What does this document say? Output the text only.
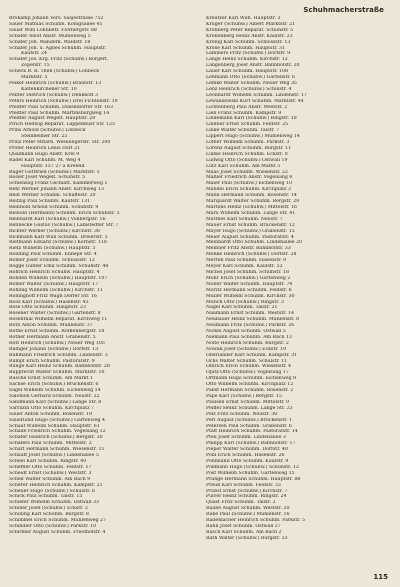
Schuhmacherstraße
Brökamp Johann Vers. Säsjestrasse 752
Sauer Mathias Schuhm. Königsallee 41
Sauer Willi Lohnbetr. Florbergstr. 88
Schäfer Adolf Anstr. Mühlenweg 5
Schäfer Joh. Wanderk. Waldstr. 18
Schäfer Joh. u. Agnes Schuhm. Hauptstr.
Kaufstr. 24
Schäfer Jos. Krg. Fritz (Schuhw.) Borgerf.
Zopefstr. 15
Scheck B. R. Then (Schuhw.) Lobbeck
Marktstr. 5
Peiker Heinrich (Schuhw.) Brautstr. 13
Kaltenkirchener Str. 10
Penter Dietrich (Schuhw.) Denkhoff 3
Peters Heinrich (Schuhw.) Drei Fichtenstr. 19
Pfeiffer Paul Schuhm. Düsseldorfer Str. 163
Pfeiffer Paul Schuhm. Martinsburgweg 14
Pfeiffer August Wegelt. Hauptstr. 29
Pirich Hedwig Reparat. Lappenbusr Str. 125
Prins Arnold (Schuhw.) Lobbeck
Steinheimer Str. 25
Prinz Peter Mitarb. Weselingerstr. Str. 200
Pröfer Heinrich Lenis Dorf 21
Qualmann Hugo Anstr. Krei 9
Rädel Karl Schuhm. M. Weg 4
Hauptstr. 157 27 a Krefeld
Rüger Gottfried (Schuhw.) Marktstr. 5
Rosier Josef Wegelt. Schuhstr. 5
Schlensog Franz Gschiatt. Kämmerweg 1
Rebl Werner Johann Anstr. Kirchweg 13
Reiß Werner Schuhm. Schaffestr. 20
Reitzig Paul Schuhm. Kaufstr. 131
Reinhold Arnold Schuhm. Schuhstr. 9
Reinold (Hermann) Schuhm. Erich Schuhstr. 5
Reinhardt Karl (Schuhw.) Vollbergstr. 16
Rennecke Gustav (Schuhw.) Lamstedter Str. 7
Richter Werner (Schuhw.) Kirchstr. 38
Rickmann Karl Willi Schuhm. Dreierstr. 5
Rietmann Eduard (Schuhw.) Kornstr. 118
Rietz Wilhelm (Schuhw.) Hauptstr. 5
Rödding Paul Schuhm. Ennepe Str. 4
Römer Josef Schuhm. Schlossstr. 12
Rogge Günter Emil Schuhm. Schuhstr. 48
Röhrich Heinrich Schuhw. Hauptstr. 4
Rohden Wilhelm (Schuhw.) Hauptstr. 107
Römer Walter (Schuhw.) Hauptstr. 17
Rohling Wilhelm (Schuhw.) Kirchstr. 11
Röllinghoff Fritz Wagn Dörfer Str. 16
Roos Karl (Schuhw.) Hasenstr. 43
Rose Otto Schuhm. Hauptstr. 23
Rösener Walter (Schuhw.) Gartenstr. 8
Rosenthal Wilhelm Reparat. Kirchweg 11
Roth Anton Schuhm. Mühlenstr. 37
Rothe Ernst Schuhm. Rothenbergstr. 18
Rother Hermann Anstr. Grabenstr. 5
Rott Heinrich (Schuhw.) Neuer Weg 105
Rüdiger Johann (Schuhw.) Dorfstr. 13
Ruhmann Friedrich Schuhm. Lindenstr. 3
Rumpf Erich Schuhm. Pastoratstr. 9
Runge Karl Heinz Schuhm. Bahnhofstr. 28
Rupprecht Walter Schuhm. Marktstr. 10
Rusche Ernst Schuhm. Am Markt 1
Sachse Erich (Schuhw.) Brückenstr. 6
Sagel Wilhelm Schuhm. Eichenweg 14
Salomon Gerhard Schuhm. Neustr. 22
Sandmann Karl (Schuhw.) Lange Str. 8
Sarrazin Otto Schuhm. Kirchplatz 7
Sauer Anton Schuhm. Rosenstr. 19
Sauerland Hugo (Schuhw.) Gartenweg 4
Schaaf Wilhelm Schuhm. Hauptstr. 61
Schade Friedrich Schuhm. Vogelsang 12
Schäfer Heinrich (Schuhw.) Bergstr. 30
Schäfers Paul Schuhm. Mittelstr. 2
Scharf Hermann Schuhm. Wiesenstr. 11
Schauff Josef (Schuhw.) Lindenallee 5
Scheel Karl Schuhm. Ringstr. 40
Scheffler Otto Schuhm. Feldstr. 17
Scheidt Ernst (Schuhw.) Weststr. 3
Schell Walter Schuhm. Am Bach 9
Scherer Heinrich Schuhm. Kampstr. 21
Scheuer Hugo (Schuhw.) Schulstr. 6
Schick Paul Schuhm. Talstr. 15
Schiefer Wilhelm Schuhm. Ostwall 33
Schiller Josef (Schuhw.) Eckstr. 2
Schilling Karl Schuhm. Burgstr. 8
Schimmel Erich Schuhm. Mühlenweg 27
Schindler Otto (Schuhw.) Parkstr. 10
Schirmer August Schuhm. Friedhofstr. 4
Kreutzer Karl Wilh. Hauptstr. 3
Krüger (Schuhw.) Albert Marktstr. 21
Kronberg Peter Reparat. Schuhstr. 5
Kronenberg Heinz Anstr. Kaufstr. 23
Krönig Karl Schuhm. Schlossstr. 13
Kruse Karl Schuhm. Hauptstr. 31
Lammers Fritz (Schuhw.) Dorfstr. 9
Lange Heinz Schuhm. Kirchstr. 12
Langenberg Josef Anstr. Bahnhofstr. 20
Lauer Karl Schuhm. Hauptstr. 108
Lehmann Otto (Schuhw.) Gartenstr. 6
Lemke Walter Schuhm. Neuer Weg 35
Lenz Heinrich (Schuhw.) Schulstr. 4
Leonhardt Wilhelm Schuhm. Lindenstr. 17
Lewandowski Kurt Schuhm. Marktstr. 44
Lichtenberg Paul Anstr. Weststr. 2
Lieb Franz Schuhm. Kampstr. 9
Lindemann Karl (Schuhw.) Ringstr. 18
Lindner Ernst Schuhm. Feldstr. 25
Linke Walter Schuhm. Talstr. 7
Lippert Hugo (Schuhw.) Mühlenweg 14
Löffler Wilhelm Schuhm. Parkstr. 3
Lorenz August Schuhm. Burgstr. 11
Lübke Heinrich Schuhm. Eckstr. 8
Ludwig Otto (Schuhw.) Ostwall 19
Lutz Karl Schuhm. Am Markt 5
Maas Josef Schuhm. Wiesenstr. 22
Mahler Friedrich Anstr. Vogelsang 6
Maier Paul (Schuhw.) Eichenweg 10
Mandel Erich Schuhm. Kirchplatz 3
Mann Hermann Schuhm. Rosenstr. 14
Marquardt Walter Schuhm. Bergstr. 29
Martens Heinz (Schuhw.) Mittelstr. 16
Marx Wilhelm Schuhm. Lange Str. 41
Matthes Karl Schuhm. Neustr. 7
Mauer Ernst Schuhm. Brückenstr. 12
Mayer Hugo (Schuhw.) Grabenstr. 15
Meier August Schuhm. Pastoratstr. 4
Meinhardt Otto Schuhm. Lindenallee 20
Meißner Fritz Anstr. Bahnhofstr. 33
Menke Heinrich (Schuhw.) Dorfstr. 28
Merten Paul Schuhm. Hasenstr. 9
Meyer Karl Schuhm. Kaufstr. 52
Michel Josef Schuhm. Schuhstr. 18
Mohr Erich (Schuhw.) Gartenweg 2
Möller Walter Schuhm. Hauptstr. 74
Moritz Hermann Schuhm. Feldstr. 6
Müller Wilhelm Schuhm. Kirchstr. 30
Münch Otto (Schuhw.) Ringstr. 3
Nagel Karl Schuhm. Talstr. 21
Naumann Ernst Schuhm. Weststr. 14
Neubauer Heinz Schuhm. Mühlenstr. 8
Neumann Fritz (Schuhw.) Parkstr. 26
Nickel August Schuhm. Ostwall 5
Niemann Paul Schuhm. Am Bach 13
Nolte Heinrich Schuhm. Burgstr. 2
Nowak Josef (Schuhw.) Eckstr. 19
Oberländer Karl Schuhm. Kampstr. 31
Ochs Walter Schuhm. Schulstr. 11
Olbrich Erich Schuhm. Wiesenstr. 4
Opitz Otto (Schuhw.) Vogelsang 17
Ortmann Hugo Schuhm. Eichenweg 8
Otto Wilhelm Schuhm. Kirchplatz 12
Pabst Hermann Schuhm. Rosenstr. 2
Pape Karl (Schuhw.) Bergstr. 15
Paulsen Ernst Schuhm. Mittelstr. 9
Peiffer Heinz Schuhm. Lange Str. 23
Pelz Fritz Schuhm. Neustr. 30
Perl August (Schuhw.) Brückenstr. 1
Petersen Paul Schuhm. Grabenstr. 6
Pfaff Heinrich Schuhm. Pastoratstr. 14
Pfeil Josef Schuhm. Lindenallee 3
Philipp Karl (Schuhw.) Bahnhofstr. 17
Pieper Walter Schuhm. Dorfstr. 40
Pohl Erich Schuhm. Hasenstr. 26
Pohlmann Otto Schuhm. Kaufstr. 9
Pollmann Hugo (Schuhw.) Schuhstr. 12
Post Wilhelm Schuhm. Gartenweg 15
Prange Hermann Schuhm. Hauptstr. 88
Preuß Karl Schuhm. Feldstr. 33
Probst Ernst (Schuhw.) Kirchstr. 7
Pulver Heinz Schuhm. Ringstr. 24
Quast Fritz Schuhm. Talstr. 2
Raabe August Schuhm. Weststr. 20
Rabe Paul (Schuhw.) Mühlenstr. 16
Rademacher Heinrich Schuhm. Parkstr. 5
Rahn Josef Schuhm. Ostwall 27
Rasch Karl Schuhm. Am Bach 2
Rath Walter (Schuhw.) Burgstr. 23
115
